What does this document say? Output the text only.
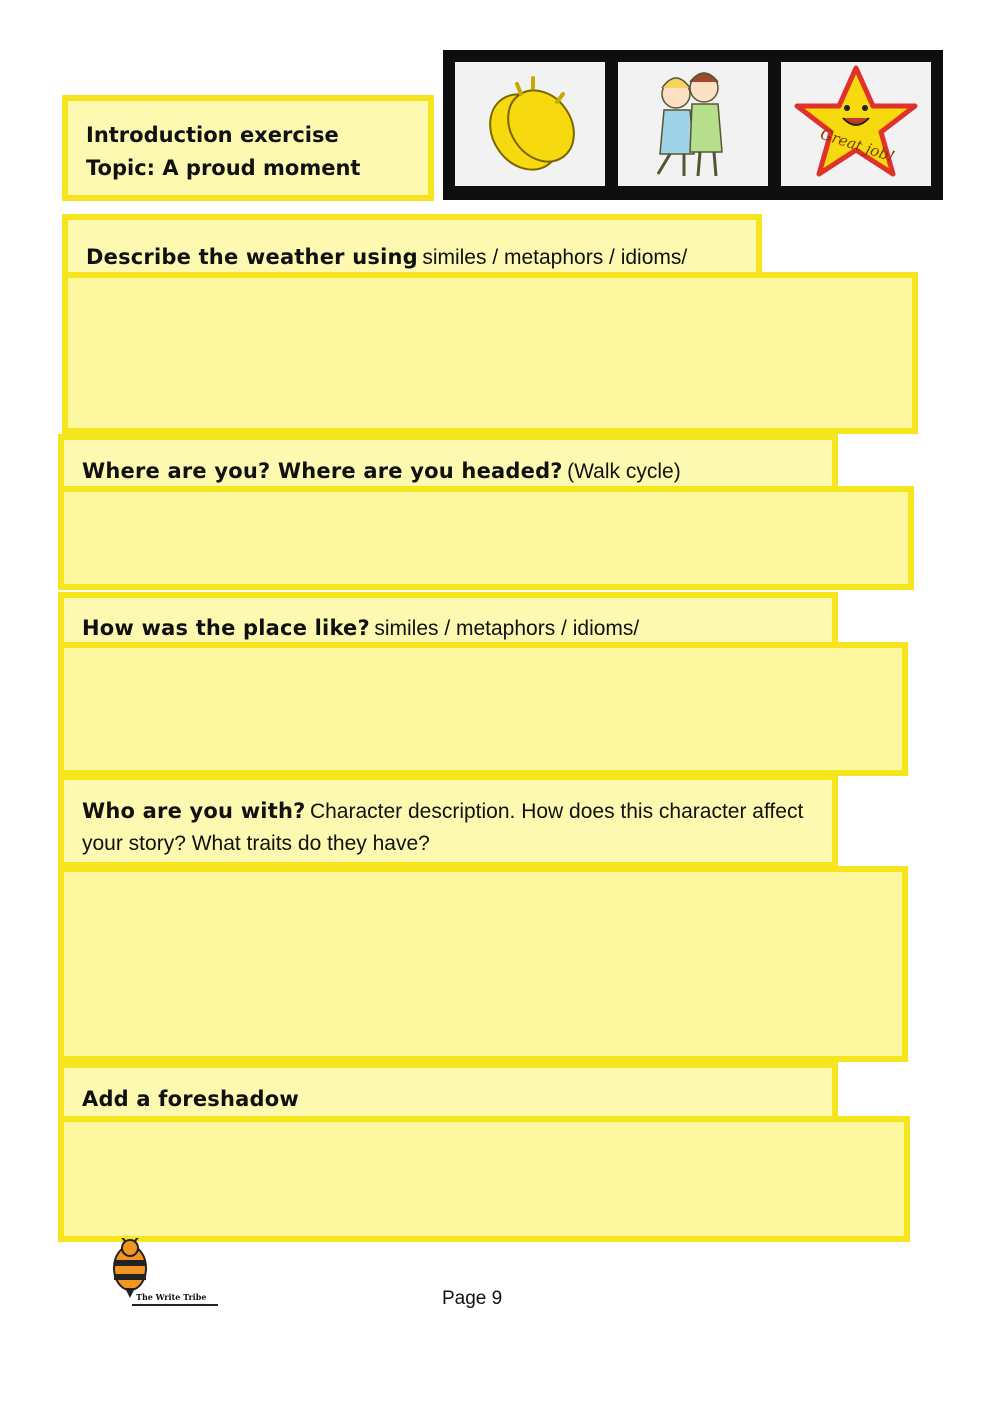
Introduction exercise
Topic: A proud moment
Great job!
Describe the weather using similes / metaphors / idioms/
Where are you? Where are you headed? (Walk cycle)
How was the place like? similes / metaphors / idioms/
Who are you with? Character description. How does this character affect your story? What traits do they have?
Add a foreshadow
The Write Tribe	Page 9
